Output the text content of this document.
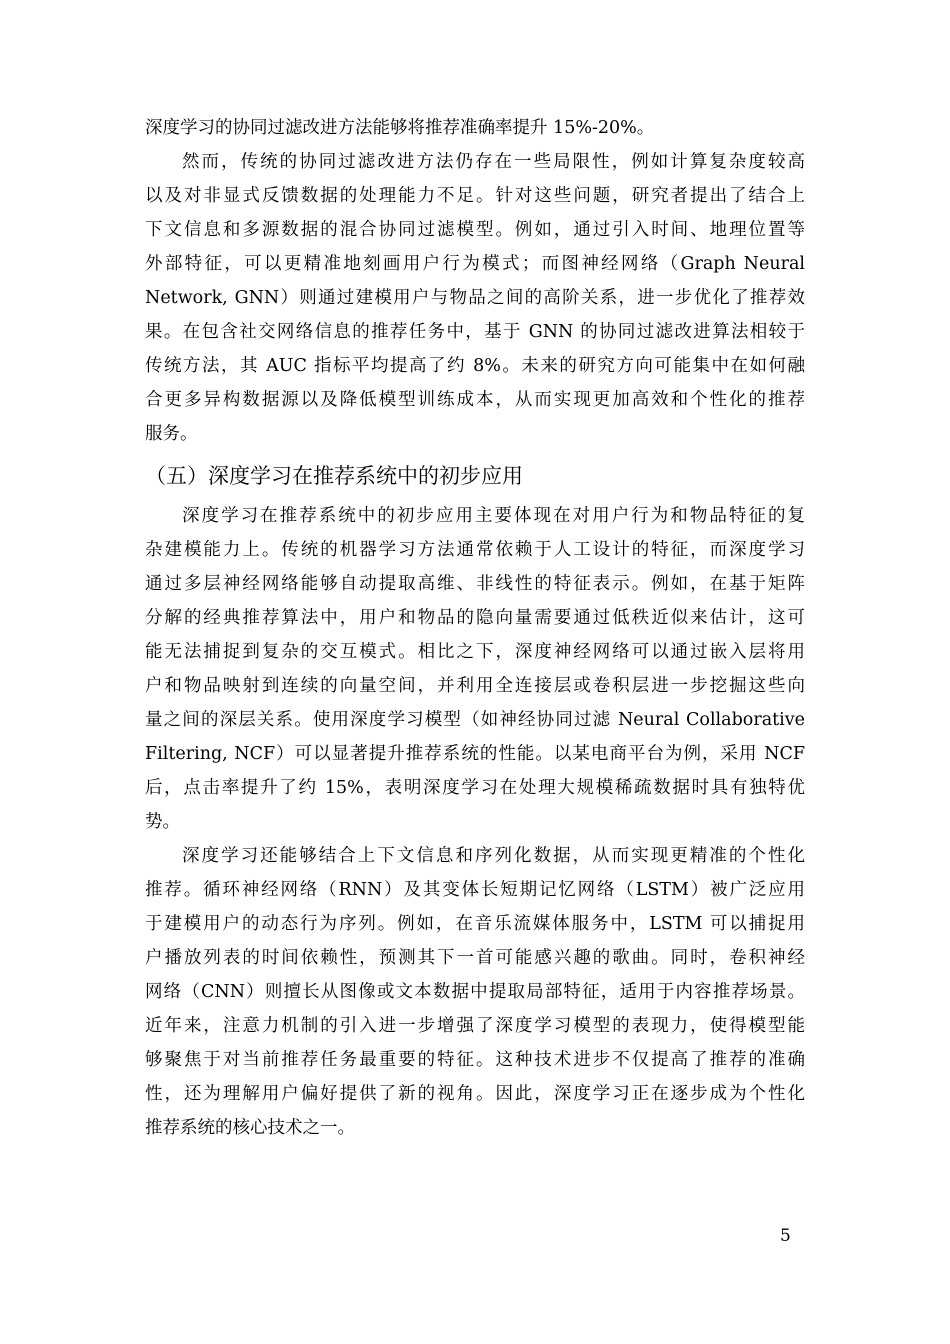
深度学习的协同过滤改进方法能够将推荐准确率提升 15%-20%。
然而，传统的协同过滤改进方法仍存在一些局限性，例如计算复杂度较高
以及对非显式反馈数据的处理能力不足。针对这些问题，研究者提出了结合上
下文信息和多源数据的混合协同过滤模型。例如，通过引入时间、地理位置等
外部特征，可以更精准地刻画用户行为模式；而图神经网络（Graph Neural
Network, GNN）则通过建模用户与物品之间的高阶关系，进一步优化了推荐效
果。在包含社交网络信息的推荐任务中，基于 GNN 的协同过滤改进算法相较于
传统方法，其 AUC 指标平均提高了约 8%。未来的研究方向可能集中在如何融
合更多异构数据源以及降低模型训练成本，从而实现更加高效和个性化的推荐
服务。
（五）深度学习在推荐系统中的初步应用
深度学习在推荐系统中的初步应用主要体现在对用户行为和物品特征的复
杂建模能力上。传统的机器学习方法通常依赖于人工设计的特征，而深度学习
通过多层神经网络能够自动提取高维、非线性的特征表示。例如，在基于矩阵
分解的经典推荐算法中，用户和物品的隐向量需要通过低秩近似来估计，这可
能无法捕捉到复杂的交互模式。相比之下，深度神经网络可以通过嵌入层将用
户和物品映射到连续的向量空间，并利用全连接层或卷积层进一步挖掘这些向
量之间的深层关系。使用深度学习模型（如神经协同过滤 Neural Collaborative
Filtering, NCF）可以显著提升推荐系统的性能。以某电商平台为例，采用 NCF
后，点击率提升了约 15%，表明深度学习在处理大规模稀疏数据时具有独特优
势。
深度学习还能够结合上下文信息和序列化数据，从而实现更精准的个性化
推荐。循环神经网络（RNN）及其变体长短期记忆网络（LSTM）被广泛应用
于建模用户的动态行为序列。例如，在音乐流媒体服务中，LSTM 可以捕捉用
户播放列表的时间依赖性，预测其下一首可能感兴趣的歌曲。同时，卷积神经
网络（CNN）则擅长从图像或文本数据中提取局部特征，适用于内容推荐场景。
近年来，注意力机制的引入进一步增强了深度学习模型的表现力，使得模型能
够聚焦于对当前推荐任务最重要的特征。这种技术进步不仅提高了推荐的准确
性，还为理解用户偏好提供了新的视角。因此，深度学习正在逐步成为个性化
推荐系统的核心技术之一。
5
